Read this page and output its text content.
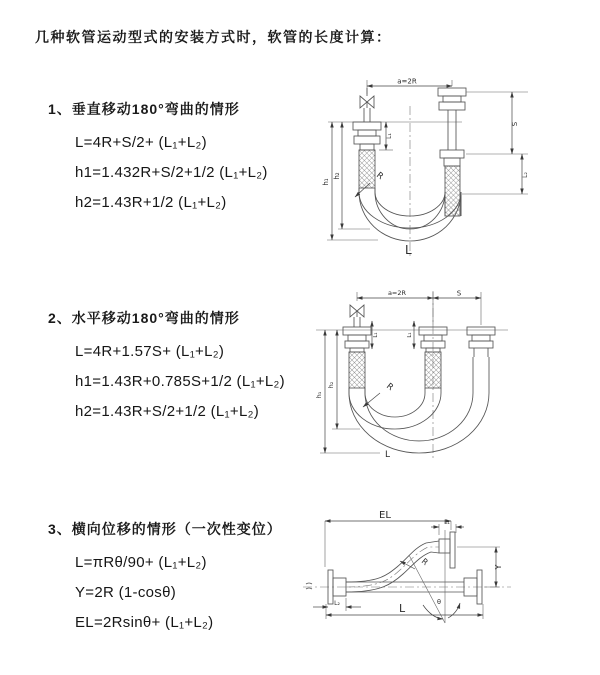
几种软管运动型式的安装方式时，软管的长度计算：
1、垂直移动180°弯曲的情形
L=4R+S/2+ (L₁+L₂)
h1=1.432R+S/2+1/2 (L₁+L₂)
h2=1.43R+1/2 (L₁+L₂)
2、水平移动180°弯曲的情形
L=4R+1.57S+ (L₁+L₂)
h1=1.43R+0.785S+1/2 (L₁+L₂)
h2=1.43R+S/2+1/2 (L₁+L₂)
3、横向位移的情形（一次性变位）
L=πRθ/90+ (L₁+L₂)
Y=2R (1-cosθ)
EL=2Rsinθ+ (L₁+L₂)
a=2R
h₁
h₂
L₁
S
L₂
R
L
a=2R	S
h₁
h₂
L₁	L₁
R
L
EL
L₁
Y
θ
R
L
L₂
